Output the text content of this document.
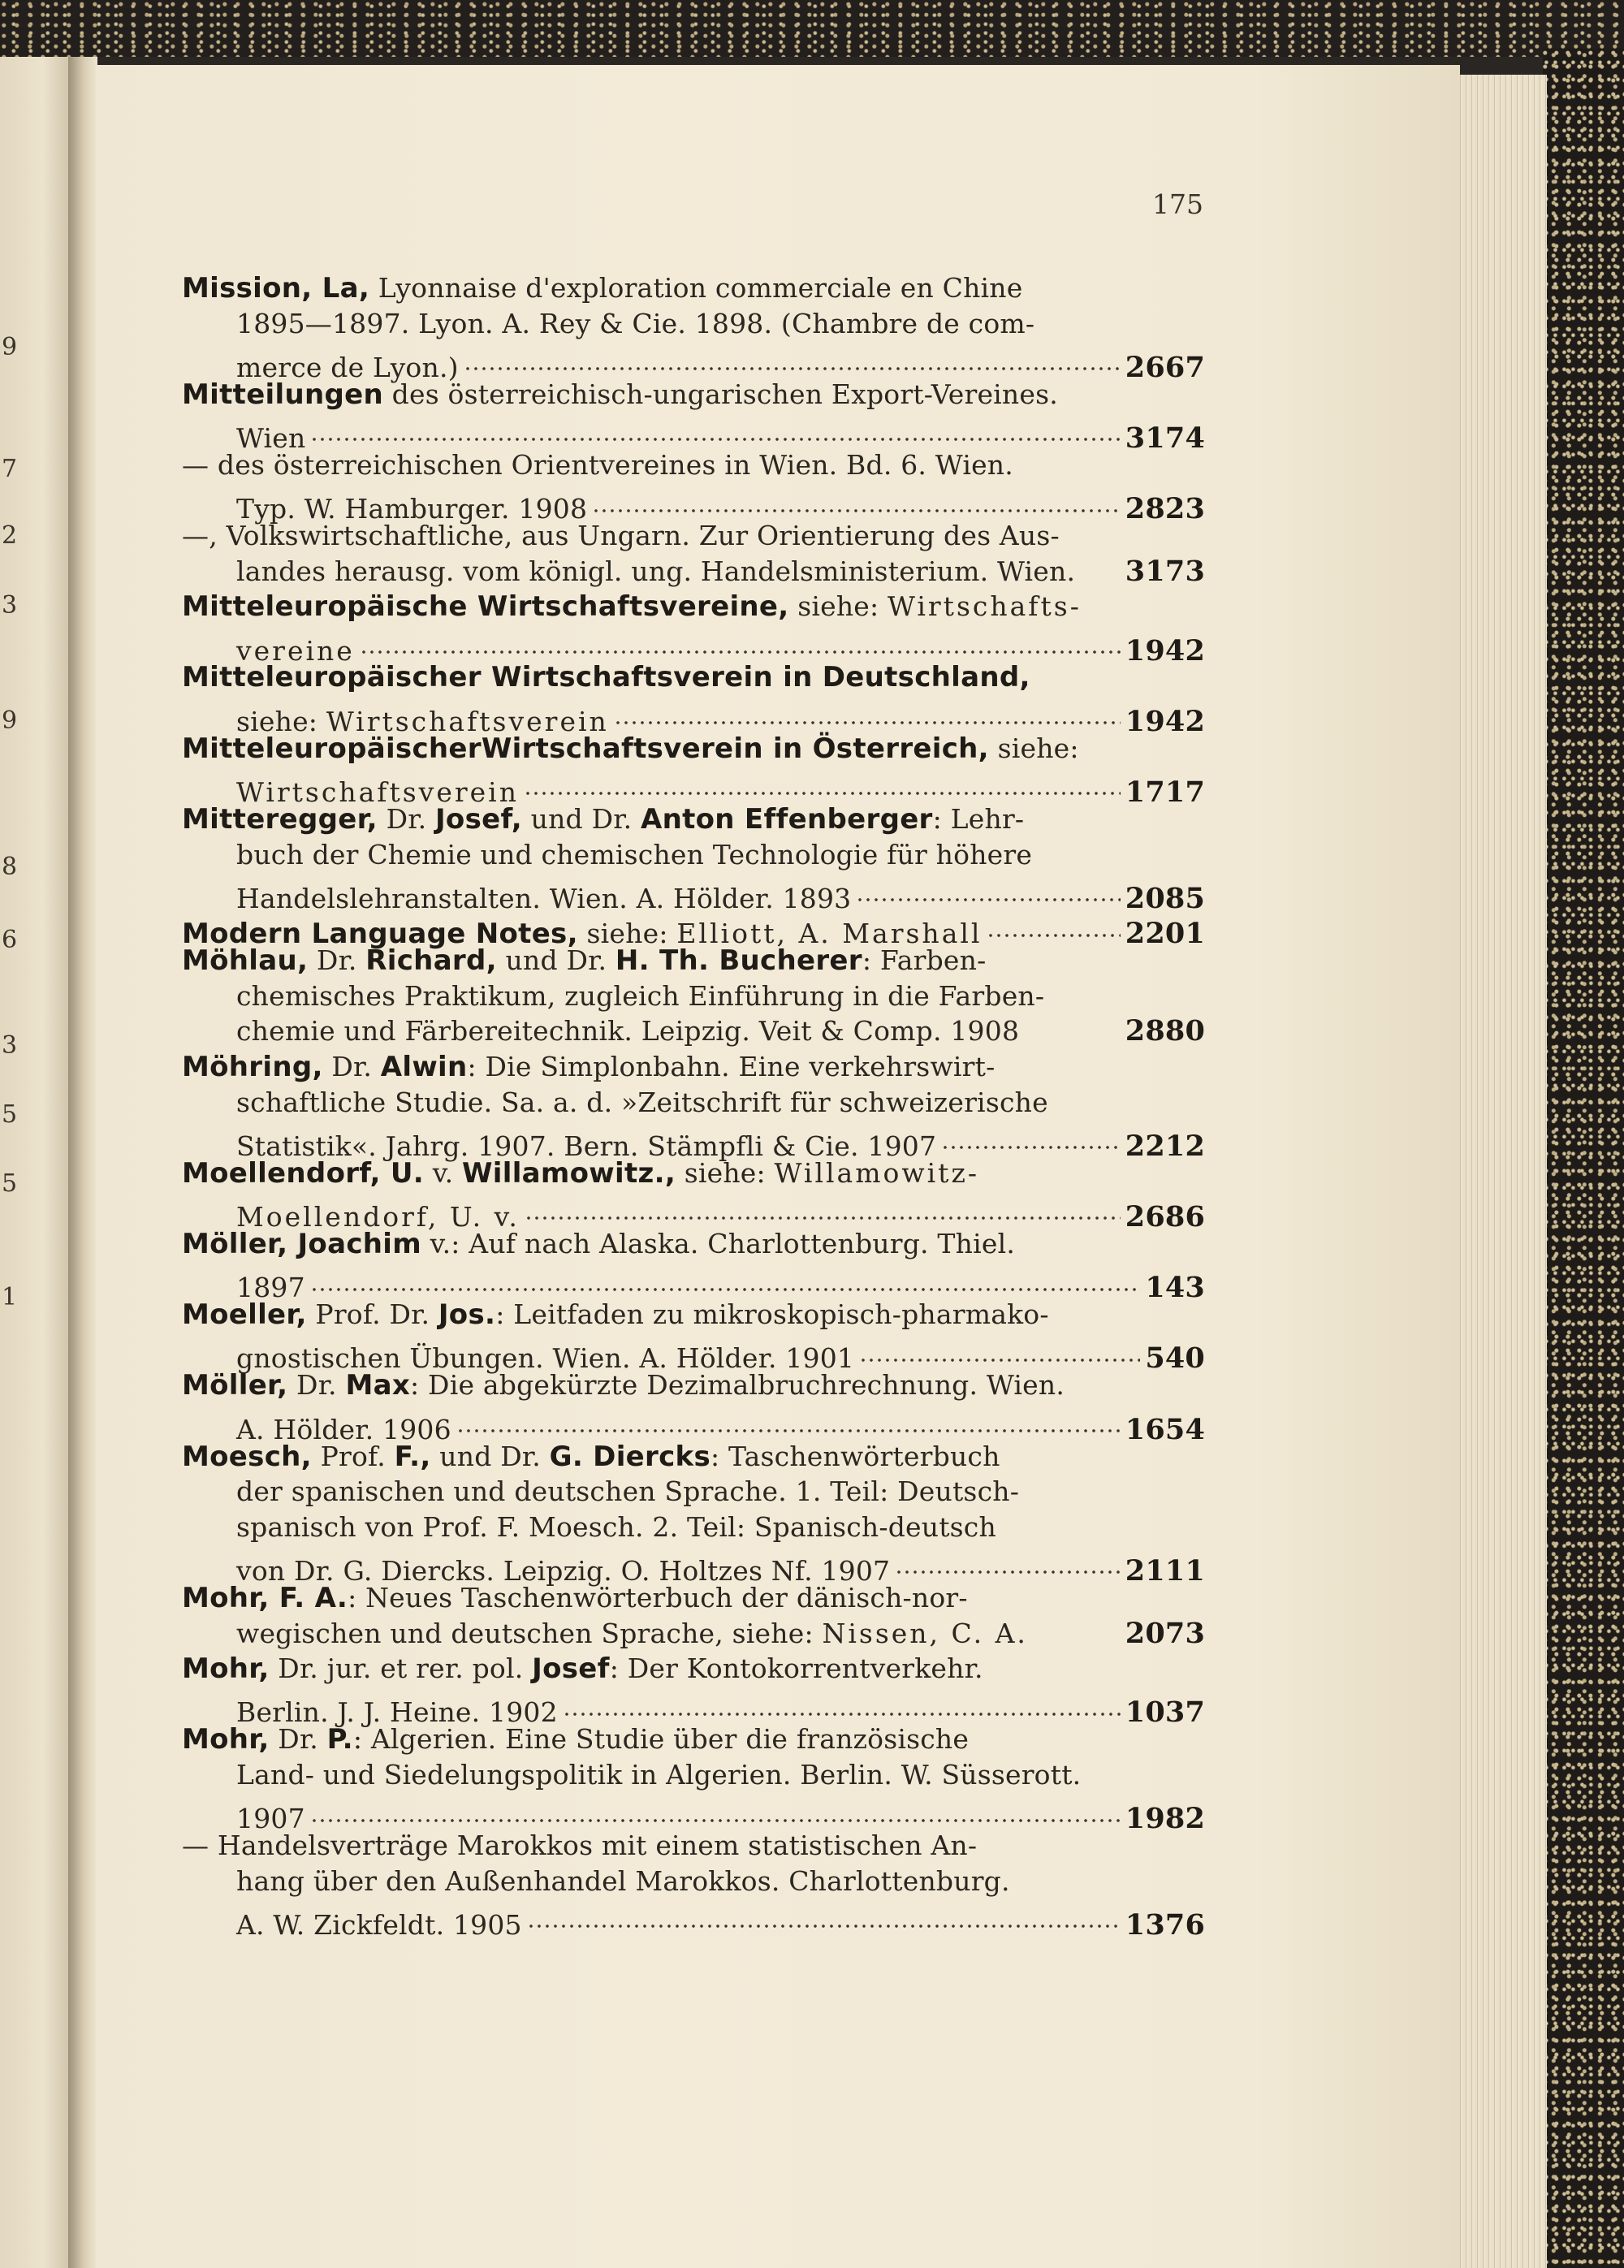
9
7
2
3
9
8
6
3
5
5
1
175
Mission, La, Lyonnaise d'exploration commerciale en Chine
1895—1897. Lyon. A. Rey & Cie. 1898. (Chambre de com-
merce de Lyon.)	2667
Mitteilungen des österreichisch-ungarischen Export-Vereines.
Wien	3174
— des österreichischen Orientvereines in Wien. Bd. 6. Wien.
Typ. W. Hamburger. 1908	2823
—, Volkswirtschaftliche, aus Ungarn. Zur Orientierung des Aus-
landes herausg. vom königl. ung. Handelsministerium. Wien. 3173
Mitteleuropäische Wirtschaftsvereine, siehe: Wirtschafts-
vereine	1942
Mitteleuropäischer Wirtschaftsverein in Deutschland,
siehe: Wirtschaftsverein	1942
MitteleuropäischerWirtschaftsverein in Österreich, siehe:
Wirtschaftsverein	1717
Mitteregger, Dr. Josef, und Dr. Anton Effenberger : Lehr-
buch der Chemie und chemischen Technologie für höhere
Handelslehranstalten. Wien. A. Hölder. 1893	2085
Modern Language Notes, siehe: Elliott, A. Marshall	2201
Möhlau, Dr. Richard, und Dr. H. Th. Bucherer : Farben-
chemisches Praktikum, zugleich Einführung in die Farben-
chemie und Färbereitechnik. Leipzig. Veit & Comp. 1908	2880
Möhring, Dr. Alwin : Die Simplonbahn. Eine verkehrswirt-
schaftliche Studie. Sa. a. d. »Zeitschrift für schweizerische
Statistik«. Jahrg. 1907. Bern. Stämpfli & Cie. 1907	2212
Moellendorf, U. v. Willamowitz., siehe: Willamowitz-
Moellendorf, U. v.	2686
Möller, Joachim v.: Auf nach Alaska. Charlottenburg. Thiel.
1897	143
Moeller, Prof. Dr. Jos. : Leitfaden zu mikroskopisch-pharmako-
gnostischen Übungen. Wien. A. Hölder. 1901	540
Möller, Dr. Max : Die abgekürzte Dezimalbruchrechnung. Wien.
A. Hölder. 1906	1654
Moesch, Prof. F., und Dr. G. Diercks : Taschenwörterbuch
der spanischen und deutschen Sprache. 1. Teil: Deutsch-
spanisch von Prof. F. Moesch. 2. Teil: Spanisch-deutsch
von Dr. G. Diercks. Leipzig. O. Holtzes Nf. 1907	2111
Mohr, F. A. : Neues Taschenwörterbuch der dänisch-nor-
wegischen und deutschen Sprache, siehe: Nissen, C. A.	2073
Mohr, Dr. jur. et rer. pol. Josef : Der Kontokorrentverkehr.
Berlin. J. J. Heine. 1902	1037
Mohr, Dr. P. : Algerien. Eine Studie über die französische
Land- und Siedelungspolitik in Algerien. Berlin. W. Süsserott.
1907	1982
— Handelsverträge Marokkos mit einem statistischen An-
hang über den Außenhandel Marokkos. Charlottenburg.
A. W. Zickfeldt. 1905	1376
